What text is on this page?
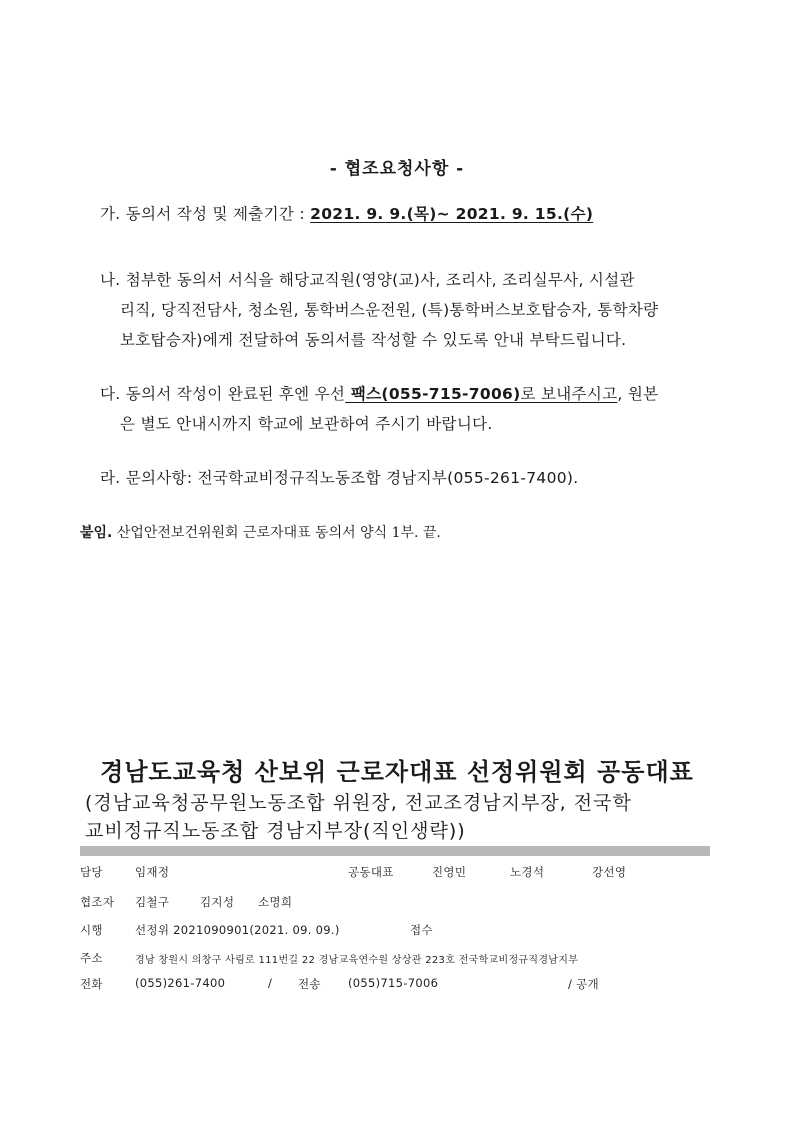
- 협조요청사항 -
가. 동의서 작성 및 제출기간 : 2021. 9. 9.(목)~ 2021. 9. 15.(수)
나. 첨부한 동의서 서식을 해당교직원(영양(교)사, 조리사, 조리실무사, 시설관
리직, 당직전담사, 청소원, 통학버스운전원, (특)통학버스보호탑승자, 통학차량
보호탑승자)에게 전달하여 동의서를 작성할 수 있도록 안내 부탁드립니다.
다. 동의서 작성이 완료된 후엔 우선 팩스(055-715-7006)로 보내주시고, 원본
은 별도 안내시까지 학교에 보관하여 주시기 바랍니다.
라. 문의사항: 전국학교비정규직노동조합 경남지부(055-261-7400).
붙임. 산업안전보건위원회 근로자대표 동의서 양식 1부. 끝.
경남도교육청 산보위 근로자대표 선정위원회 공동대표
(경남교육청공무원노동조합 위원장, 전교조경남지부장, 전국학
교비정규직노동조합 경남지부장(직인생략))
담당	임재정	공동대표	진영민	노경석	강선영
협조자 김철구	김지성 소명희
시행	선정위 2021090901(2021. 09. 09.)	접수
주소	경남 창원시 의창구 사림로 111번길 22 경남교육연수원 상상관 223호 전국학교비정규직경남지부
전화	(055)261-7400	/ 전송 (055)715-7006	/ 공개
